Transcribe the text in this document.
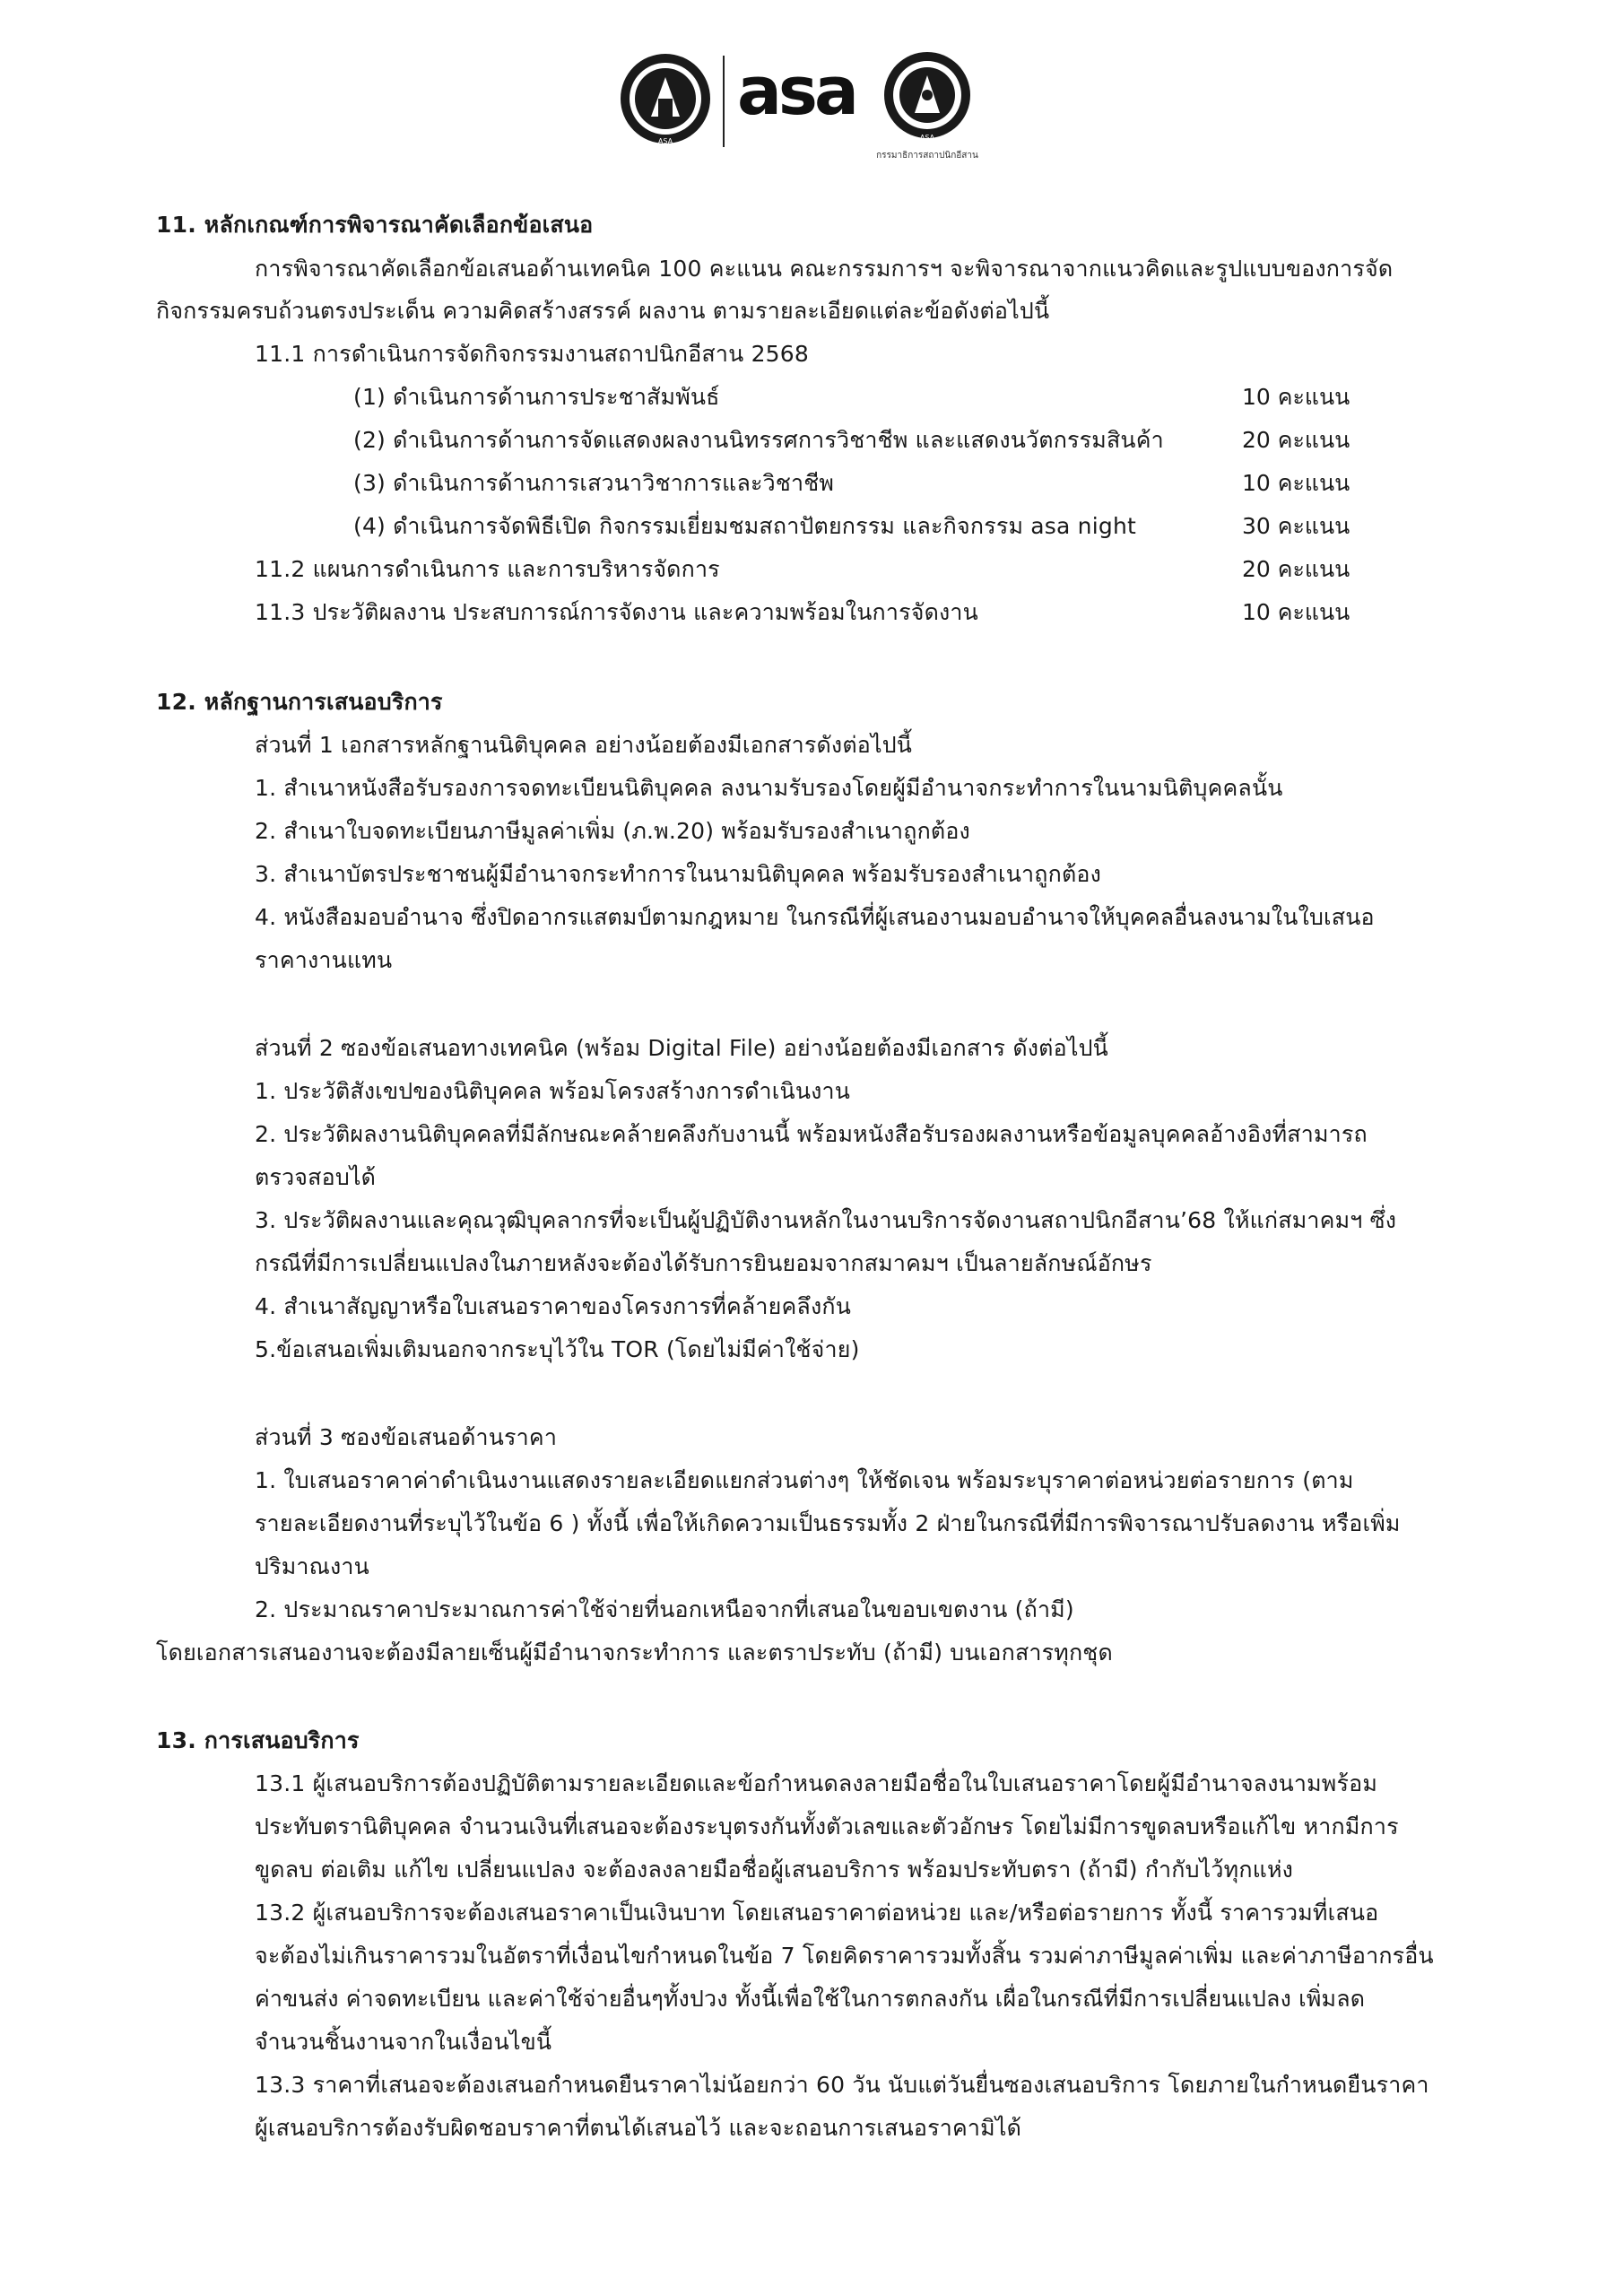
ASA
asa
ASA
กรรมาธิการสถาปนิกอีสาน
11. หลักเกณฑ์การพิจารณาคัดเลือกข้อเสนอ
การพิจารณาคัดเลือกข้อเสนอด้านเทคนิค 100 คะแนน คณะกรรมการฯ จะพิจารณาจากแนวคิดและรูปแบบของการจัด
กิจกรรมครบถ้วนตรงประเด็น ความคิดสร้างสรรค์ ผลงาน ตามรายละเอียดแต่ละข้อดังต่อไปนี้
11.1 การดำเนินการจัดกิจกรรมงานสถาปนิกอีสาน 2568
(1) ดำเนินการด้านการประชาสัมพันธ์	10 คะแนน
(2) ดำเนินการด้านการจัดแสดงผลงานนิทรรศการวิชาชีพ และแสดงนวัตกรรมสินค้า	20 คะแนน
(3) ดำเนินการด้านการเสวนาวิชาการและวิชาชีพ	10 คะแนน
(4) ดำเนินการจัดพิธีเปิด กิจกรรมเยี่ยมชมสถาปัตยกรรม และกิจกรรม asa night	30 คะแนน
11.2 แผนการดำเนินการ และการบริหารจัดการ	20 คะแนน
11.3 ประวัติผลงาน ประสบการณ์การจัดงาน และความพร้อมในการจัดงาน	10 คะแนน
12. หลักฐานการเสนอบริการ
ส่วนที่ 1 เอกสารหลักฐานนิติบุคคล อย่างน้อยต้องมีเอกสารดังต่อไปนี้
1. สำเนาหนังสือรับรองการจดทะเบียนนิติบุคคล ลงนามรับรองโดยผู้มีอำนาจกระทำการในนามนิติบุคคลนั้น
2. สำเนาใบจดทะเบียนภาษีมูลค่าเพิ่ม (ภ.พ.20) พร้อมรับรองสำเนาถูกต้อง
3. สำเนาบัตรประชาชนผู้มีอำนาจกระทำการในนามนิติบุคคล พร้อมรับรองสำเนาถูกต้อง
4. หนังสือมอบอำนาจ ซึ่งปิดอากรแสตมป์ตามกฎหมาย ในกรณีที่ผู้เสนองานมอบอำนาจให้บุคคลอื่นลงนามในใบเสนอ
ราคางานแทน
ส่วนที่ 2 ซองข้อเสนอทางเทคนิค (พร้อม Digital File) อย่างน้อยต้องมีเอกสาร ดังต่อไปนี้
1. ประวัติสังเขปของนิติบุคคล พร้อมโครงสร้างการดำเนินงาน
2. ประวัติผลงานนิติบุคคลที่มีลักษณะคล้ายคลึงกับงานนี้ พร้อมหนังสือรับรองผลงานหรือข้อมูลบุคคลอ้างอิงที่สามารถ
ตรวจสอบได้
3. ประวัติผลงานและคุณวุฒิบุคลากรที่จะเป็นผู้ปฏิบัติงานหลักในงานบริการจัดงานสถาปนิกอีสาน’68 ให้แก่สมาคมฯ ซึ่ง
กรณีที่มีการเปลี่ยนแปลงในภายหลังจะต้องได้รับการยินยอมจากสมาคมฯ เป็นลายลักษณ์อักษร
4. สำเนาสัญญาหรือใบเสนอราคาของโครงการที่คล้ายคลึงกัน
5.ข้อเสนอเพิ่มเติมนอกจากระบุไว้ใน TOR (โดยไม่มีค่าใช้จ่าย)
ส่วนที่ 3 ซองข้อเสนอด้านราคา
1. ใบเสนอราคาค่าดำเนินงานแสดงรายละเอียดแยกส่วนต่างๆ ให้ชัดเจน พร้อมระบุราคาต่อหน่วยต่อรายการ (ตาม
รายละเอียดงานที่ระบุไว้ในข้อ 6 ) ทั้งนี้ เพื่อให้เกิดความเป็นธรรมทั้ง 2 ฝ่ายในกรณีที่มีการพิจารณาปรับลดงาน หรือเพิ่ม
ปริมาณงาน
2. ประมาณราคาประมาณการค่าใช้จ่ายที่นอกเหนือจากที่เสนอในขอบเขตงาน (ถ้ามี)
โดยเอกสารเสนองานจะต้องมีลายเซ็นผู้มีอำนาจกระทำการ และตราประทับ (ถ้ามี) บนเอกสารทุกชุด
13. การเสนอบริการ
13.1 ผู้เสนอบริการต้องปฏิบัติตามรายละเอียดและข้อกำหนดลงลายมือชื่อในใบเสนอราคาโดยผู้มีอำนาจลงนามพร้อม
ประทับตรานิติบุคคล จำนวนเงินที่เสนอจะต้องระบุตรงกันทั้งตัวเลขและตัวอักษร โดยไม่มีการขูดลบหรือแก้ไข หากมีการ
ขูดลบ ต่อเติม แก้ไข เปลี่ยนแปลง จะต้องลงลายมือชื่อผู้เสนอบริการ พร้อมประทับตรา (ถ้ามี) กำกับไว้ทุกแห่ง
13.2 ผู้เสนอบริการจะต้องเสนอราคาเป็นเงินบาท โดยเสนอราคาต่อหน่วย และ/หรือต่อรายการ ทั้งนี้ ราคารวมที่เสนอ
จะต้องไม่เกินราคารวมในอัตราที่เงื่อนไขกำหนดในข้อ 7 โดยคิดราคารวมทั้งสิ้น รวมค่าภาษีมูลค่าเพิ่ม และค่าภาษีอากรอื่น
ค่าขนส่ง ค่าจดทะเบียน และค่าใช้จ่ายอื่นๆทั้งปวง ทั้งนี้เพื่อใช้ในการตกลงกัน เผื่อในกรณีที่มีการเปลี่ยนแปลง เพิ่มลด
จำนวนชิ้นงานจากในเงื่อนไขนี้
13.3 ราคาที่เสนอจะต้องเสนอกำหนดยืนราคาไม่น้อยกว่า 60 วัน นับแต่วันยื่นซองเสนอบริการ โดยภายในกำหนดยืนราคา
ผู้เสนอบริการต้องรับผิดชอบราคาที่ตนได้เสนอไว้ และจะถอนการเสนอราคามิได้
